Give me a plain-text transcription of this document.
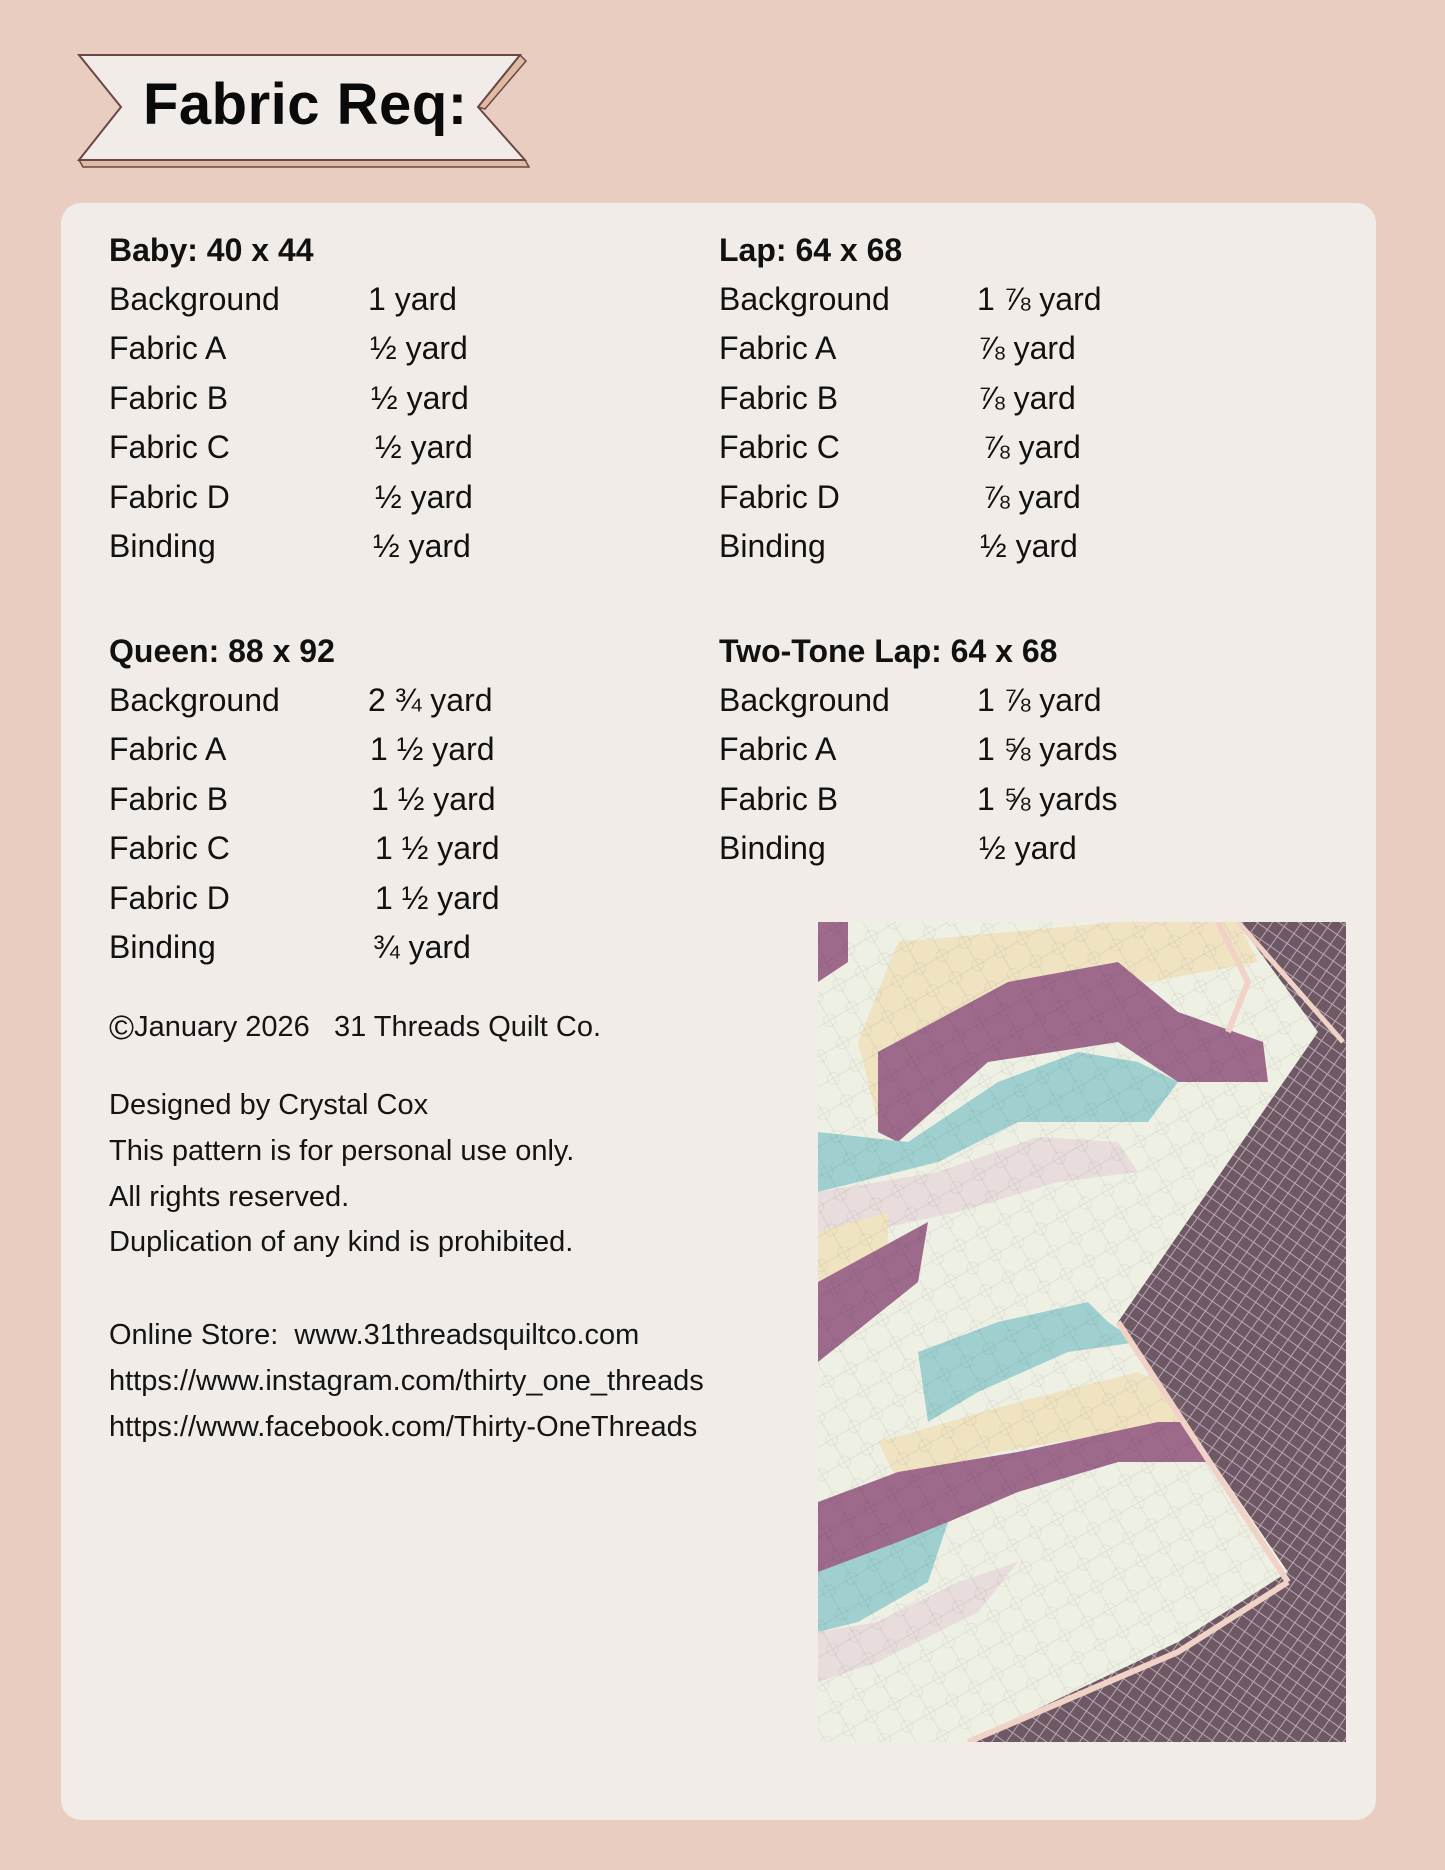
Fabric Req:
Baby: 40 x 44
Background	1 yard
Fabric A	½ yard
Fabric B	½ yard
Fabric C	½ yard
Fabric D	½ yard
Binding	½ yard
Lap: 64 x 68
Background	1 ⅞ yard
Fabric A	⅞ yard
Fabric B	⅞ yard
Fabric C	⅞ yard
Fabric D	⅞ yard
Binding	½ yard
Queen: 88 x 92
Background	2 ¾ yard
Fabric A	1 ½ yard
Fabric B	1 ½ yard
Fabric C	1 ½ yard
Fabric D	1 ½ yard
Binding	¾ yard
Two-Tone Lap: 64 x 68
Background	1 ⅞ yard
Fabric A	1 ⅝ yards
Fabric B	1 ⅝ yards
Binding	½ yard
©January 2026   31 Threads Quilt Co.
Designed by Crystal Cox
This pattern is for personal use only.
All rights reserved.
Duplication of any kind is prohibited.
Online Store:  www.31threadsquiltco.com
https://www.instagram.com/thirty_one_threads
https://www.facebook.com/Thirty-OneThreads
